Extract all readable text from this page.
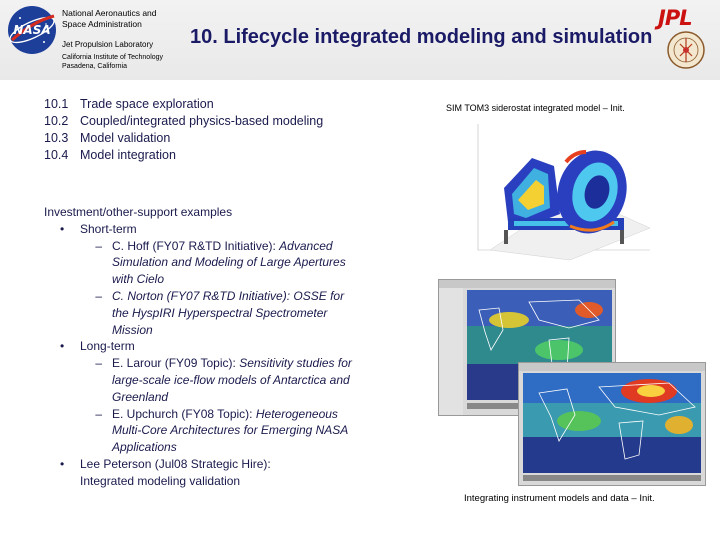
NASA
National Aeronautics and
Space Administration
Jet Propulsion Laboratory
California Institute of Technology
Pasadena, California
10. Lifecycle integrated modeling and simulation
JPL
10.1 Trade space exploration
10.2 Coupled/integrated physics-based modeling
10.3 Model validation
10.4 Model integration
Investment/other-support examples
•	Short-term
– C. Hoff (FY07 R&TD Initiative): Advanced Simulation and Modeling of Large Apertures with Cielo
– C. Norton (FY07 R&TD Initiative): OSSE for the HyspIRI Hyperspectral Spectrometer Mission
•	Long-term
– E. Larour (FY09 Topic): Sensitivity studies for large-scale ice-flow models of Antarctica and Greenland
– E. Upchurch (FY08 Topic): Heterogeneous Multi-Core Architectures for Emerging NASA Applications
•	Lee Peterson (Jul08 Strategic Hire):
Integrated modeling validation
SIM TOM3 siderostat integrated model – Init.
Integrating instrument models and data – Init.
